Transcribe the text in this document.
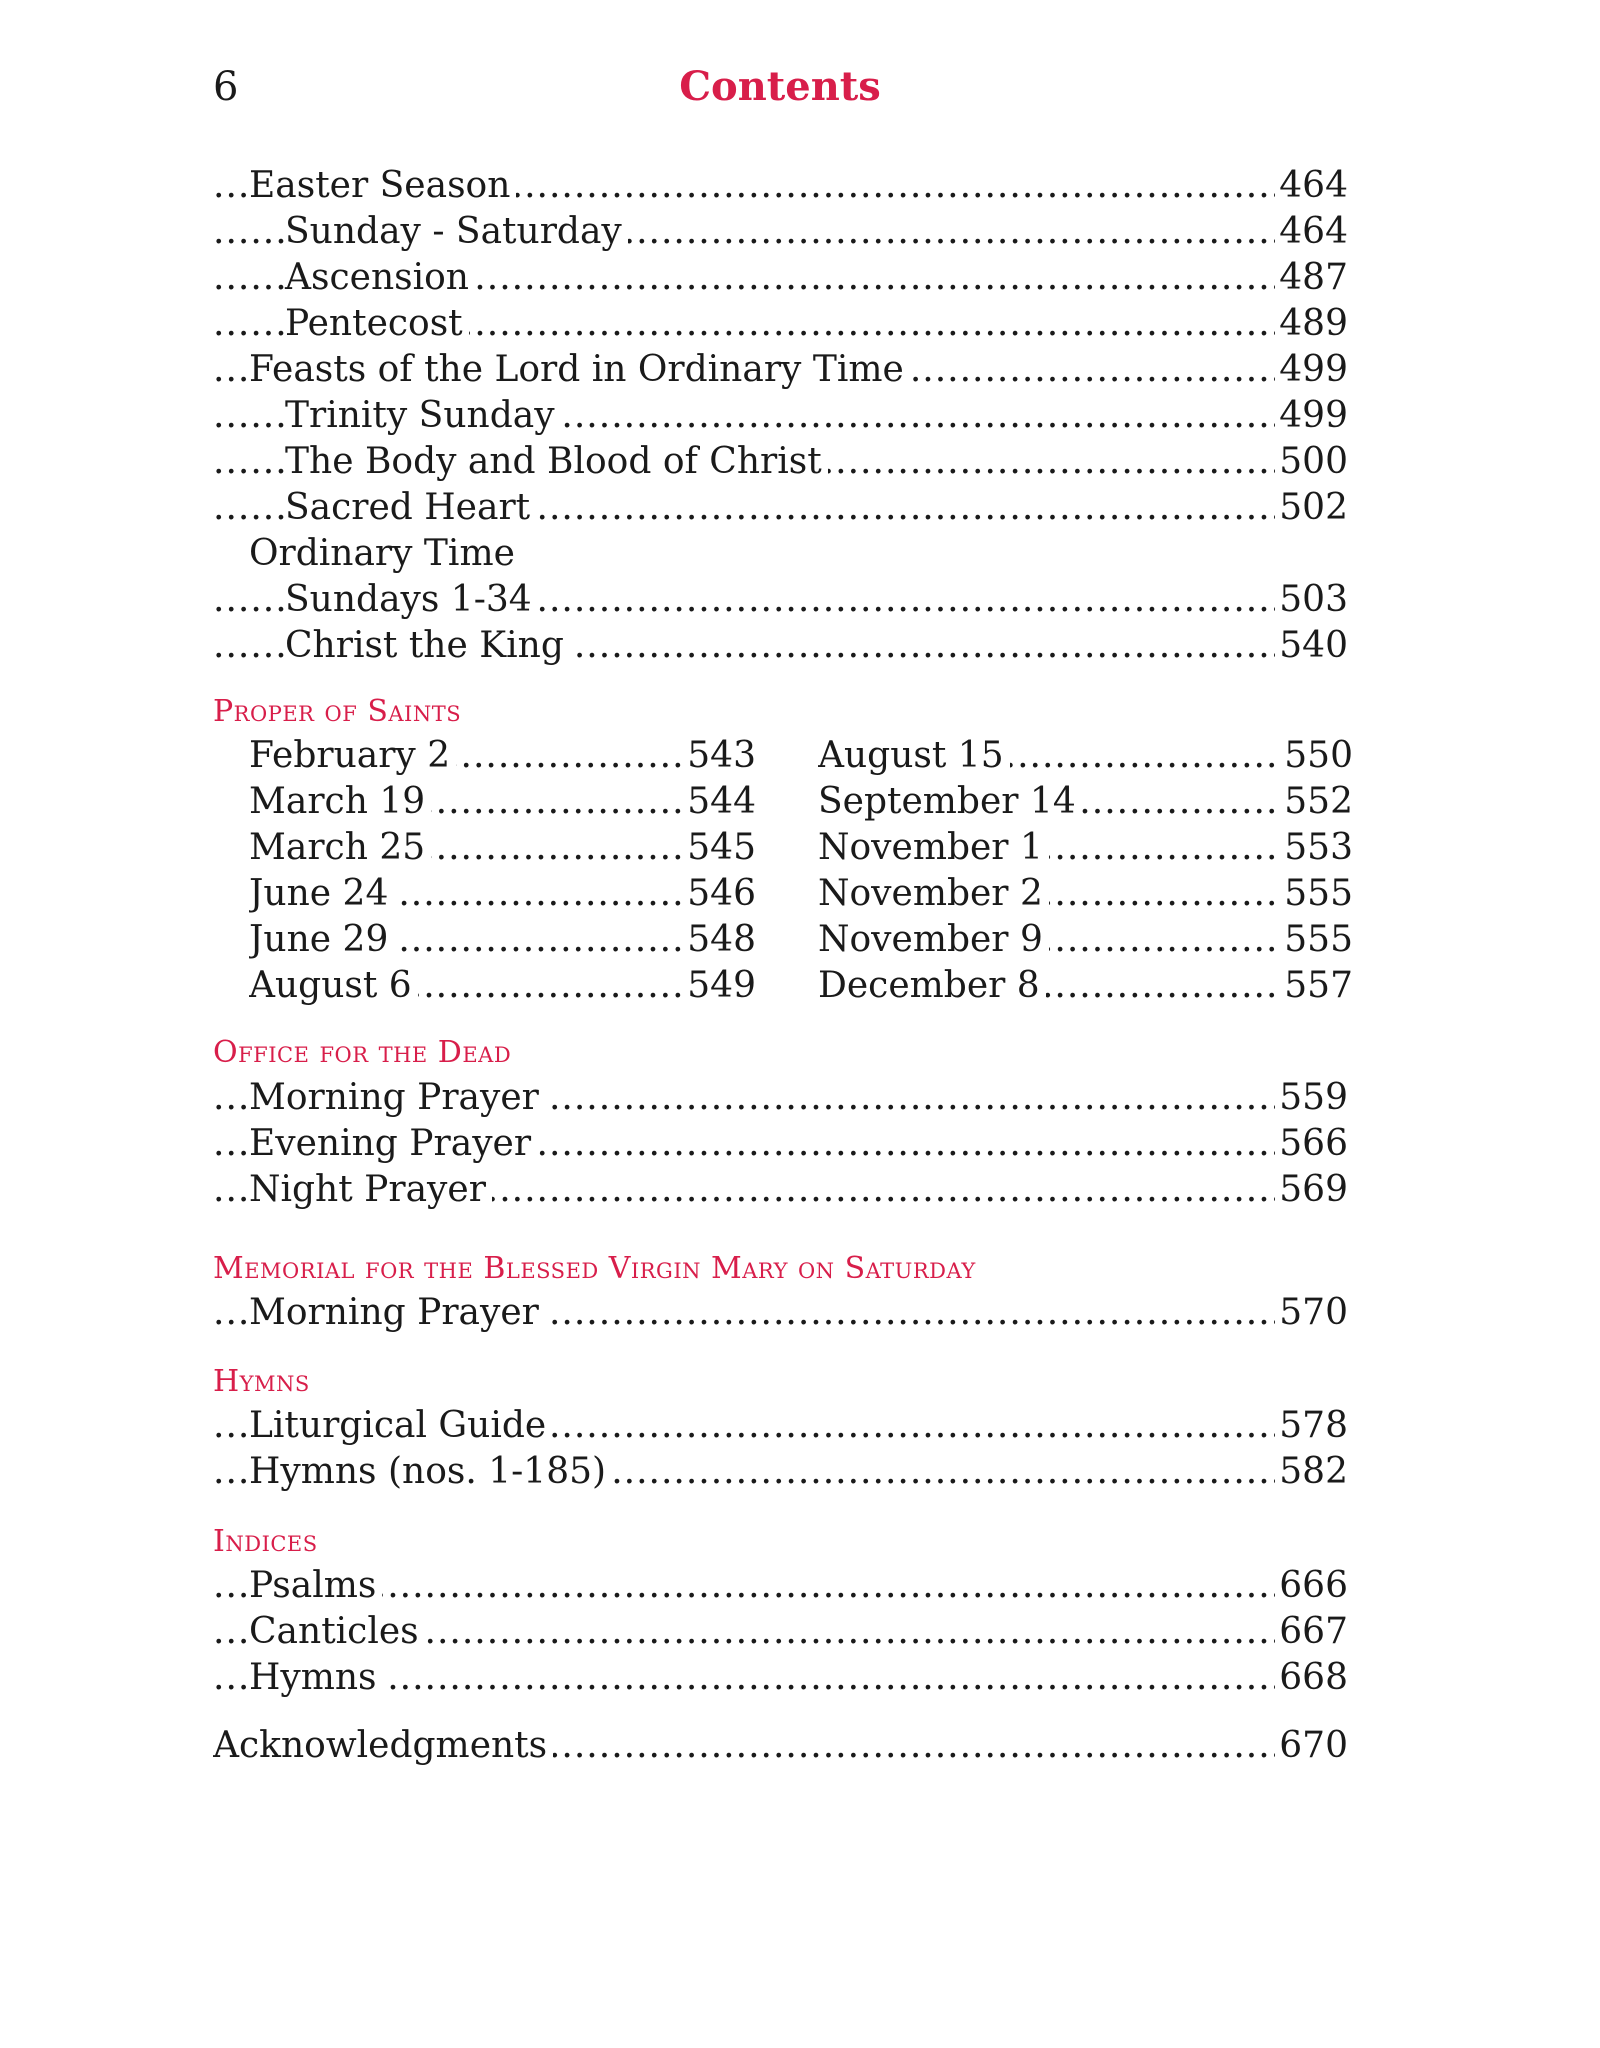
6	Contents
Easter Season .....	464
Sunday - Saturday .....	464
Ascension .....	487
Pentecost .....	489
Feasts of the Lord in Ordinary Time .....	499
Trinity Sunday .....	499
The Body and Blood of Christ .....	500
Sacred Heart .....	502
Ordinary Time
Sundays 1-34 .....	503
Christ the King .....	540
Proper of Saints
February 2 .....	543
March 19 .....	544
March 25 .....	545
June 24 .....	546
June 29 .....	548
August 6 .....	549
August 15 .....	550
September 14 .....	552
November 1 .....	553
November 2 .....	555
November 9 .....	555
December 8 .....	557
Office for the Dead
Morning Prayer .....	559
Evening Prayer .....	566
Night Prayer .....	569
Memorial for the Blessed Virgin Mary on Saturday
Morning Prayer .....	570
Hymns
Liturgical Guide .....	578
Hymns (nos. 1-185) .....	582
Indices
Psalms .....	666
Canticles .....	667
Hymns .....	668
Acknowledgments .....	670
